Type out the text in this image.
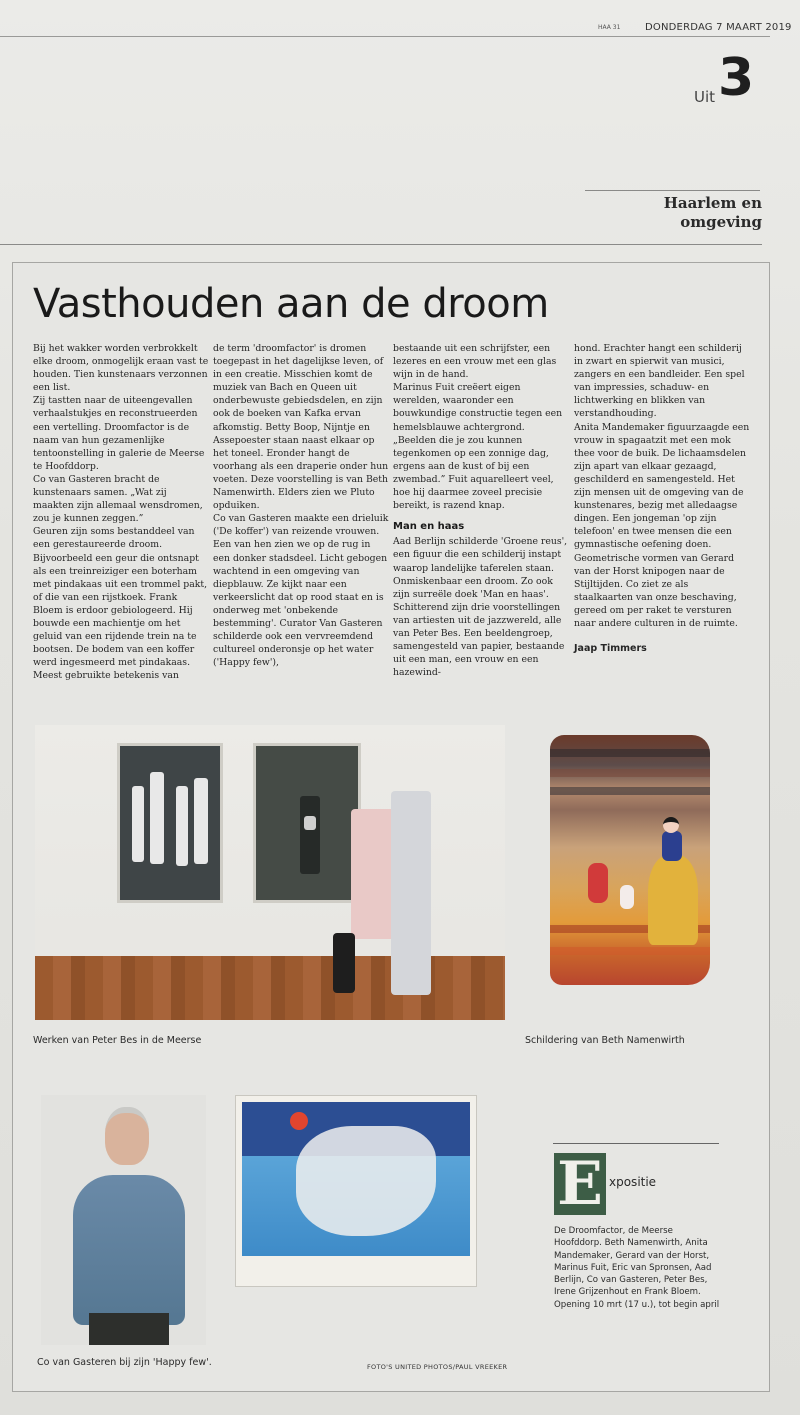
HAA 31 DONDERDAG 7 MAART 2019
Uit 3
Haarlem en omgeving
Vasthouden aan de droom

Bij het wakker worden verbrokkelt elke droom, onmogelijk eraan vast te houden. Tien kunstenaars verzonnen een list.

Zij tastten naar de uiteengevallen verhaalstukjes en reconstrueerden een vertelling. Droomfactor is de naam van hun gezamenlijke tentoonstelling in galerie de Meerse te Hoofddorp.

Co van Gasteren bracht de kunstenaars samen. „Wat zij maakten zijn allemaal wensdromen, zou je kunnen zeggen.”

Geuren zijn soms bestanddeel van een gerestaureerde droom. Bijvoorbeeld een geur die ontsnapt als een treinreiziger een boterham met pindakaas uit een trommel pakt, of die van een rijstkoek. Frank Bloem is erdoor gebiologeerd. Hij bouwde een machientje om het geluid van een rijdende trein na te bootsen. De bodem van een koffer werd ingesmeerd met pindakaas.

Meest gebruikte betekenis van

de term 'droomfactor' is dromen toegepast in het dagelijkse leven, of in een creatie. Misschien komt de muziek van Bach en Queen uit onderbewuste gebiedsdelen, en zijn ook de boeken van Kafka ervan afkomstig. Betty Boop, Nijntje en Assepoester staan naast elkaar op het toneel. Eronder hangt de voorhang als een draperie onder hun voeten. Deze voorstelling is van Beth Namenwirth. Elders zien we Pluto opduiken.

Co van Gasteren maakte een drieluik ('De koffer') van reizende vrouwen. Een van hen zien we op de rug in een donker stadsdeel. Licht gebogen wachtend in een omgeving van diepblauw. Ze kijkt naar een verkeerslicht dat op rood staat en is onderweg met 'onbekende bestemming'. Curator Van Gasteren schilderde ook een vervreemdend cultureel onderonsje op het water ('Happy few'),

bestaande uit een schrijfster, een lezeres en een vrouw met een glas wijn in de hand.

Marinus Fuit creëert eigen werelden, waaronder een bouwkundige constructie tegen een hemelsblauwe achtergrond. „Beelden die je zou kunnen tegenkomen op een zonnige dag, ergens aan de kust of bij een zwembad.” Fuit aquarelleert veel, hoe hij daarmee zoveel precisie bereikt, is razend knap.

Man en haas

Aad Berlijn schilderde 'Groene reus', een figuur die een schilderij instapt waarop landelijke taferelen staan. Onmiskenbaar een droom. Zo ook zijn surreële doek 'Man en haas'.

Schitterend zijn drie voorstellingen van artiesten uit de jazzwereld, alle van Peter Bes. Een beeldengroep, samengesteld van papier, bestaande uit een man, een vrouw en een hazewind-

hond. Erachter hangt een schilderij in zwart en spierwit van musici, zangers en een bandleider. Een spel van impressies, schaduw- en lichtwerking en blikken van verstandhouding.

Anita Mandemaker figuurzaagde een vrouw in spagaatzit met een mok thee voor de buik. De lichaamsdelen zijn apart van elkaar gezaagd, geschilderd en samengesteld. Het zijn mensen uit de omgeving van de kunstenares, bezig met alledaagse dingen. Een jongeman 'op zijn telefoon' en twee mensen die een gymnastische oefening doen.

Geometrische vormen van Gerard van der Horst knipogen naar de Stijltijden. Co ziet ze als staalkaarten van onze beschaving, gereed om per raket te versturen naar andere culturen in de ruimte.

Jaap Timmers

Werken van Peter Bes in de Meerse	Schildering van Beth Namenwirth
Co van Gasteren bij zijn 'Happy few'.	FOTO'S UNITED PHOTOS/PAUL VREEKER
E xpositie
De Droomfactor, de Meerse Hoofddorp. Beth Namenwirth, Anita Mandemaker, Gerard van der Horst, Marinus Fuit, Eric van Spronsen, Aad Berlijn, Co van Gasteren, Peter Bes, Irene Grijzenhout en Frank Bloem. Opening 10 mrt (17 u.), tot begin april
